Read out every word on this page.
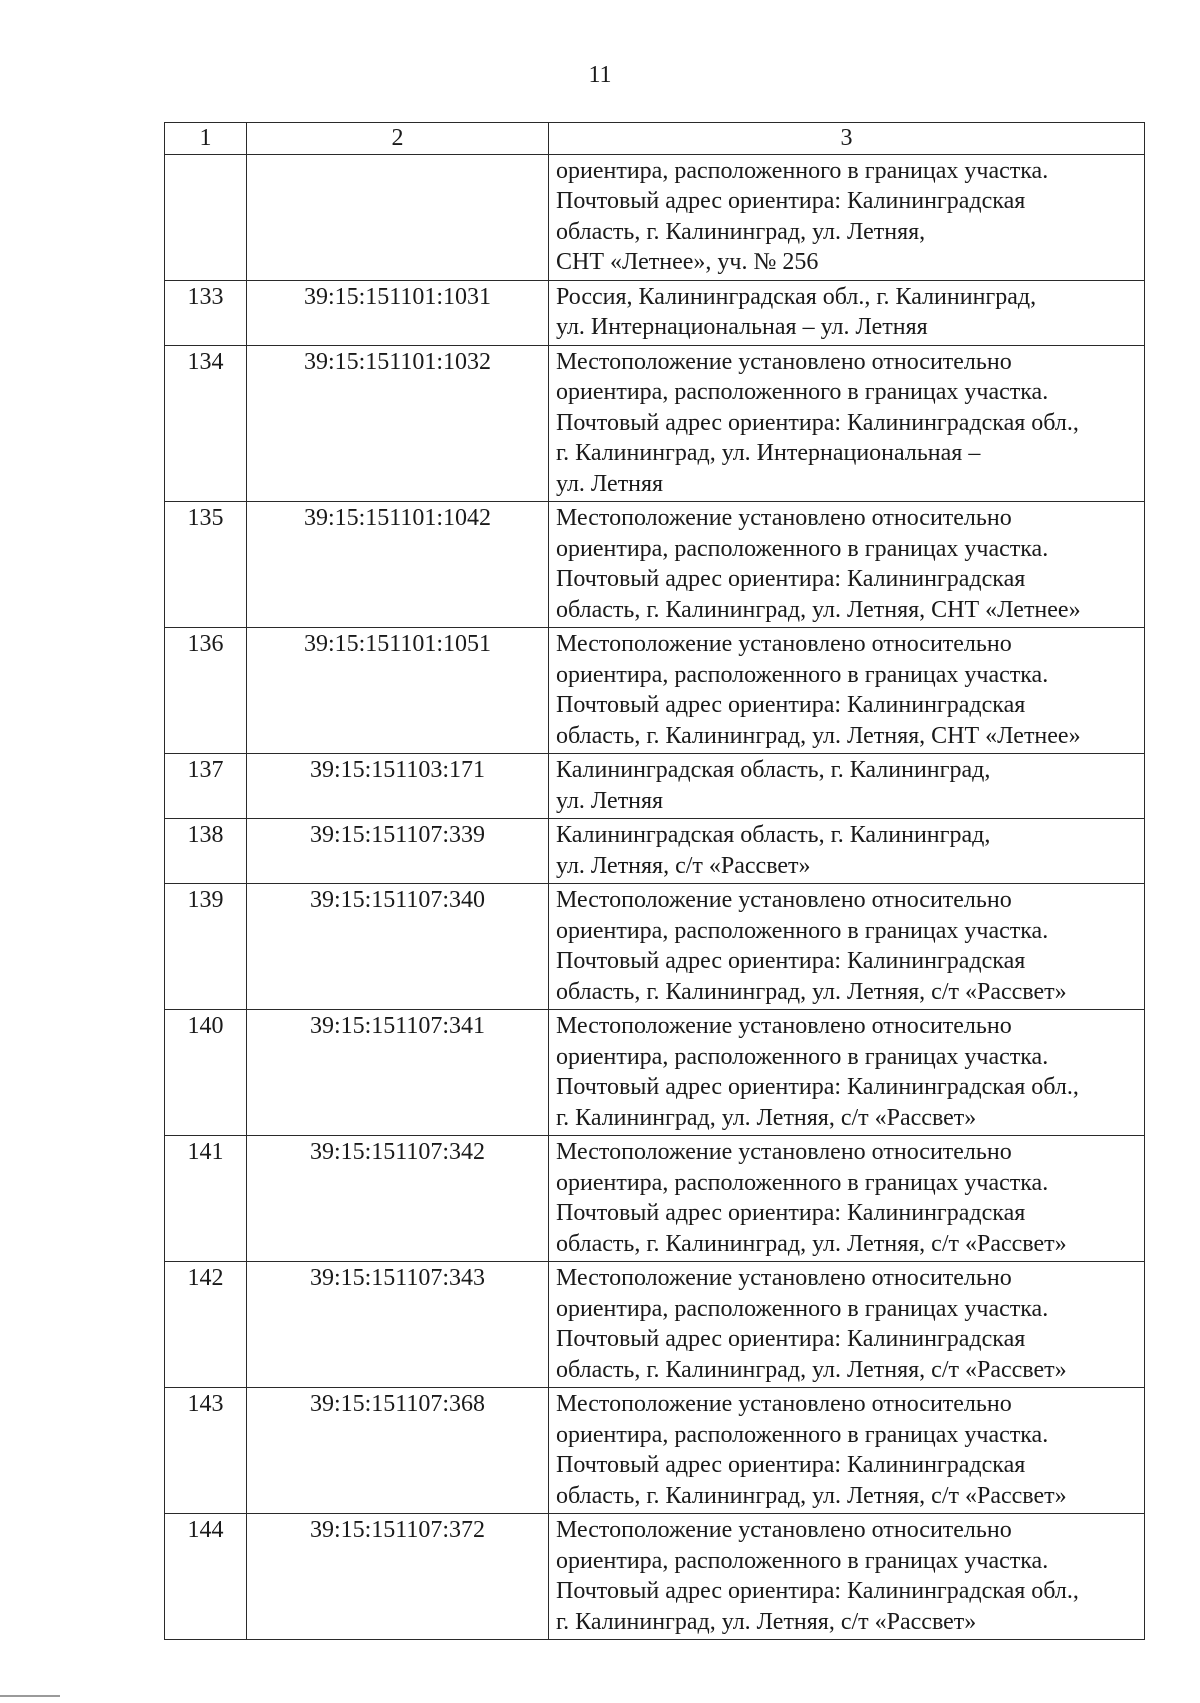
11
1	2	3
		ориентира, расположенного в границах участка.
Почтовый адрес ориентира: Калининградская
область, г. Калининград, ул. Летняя,
СНТ «Летнее», уч. № 256
133	39:15:151101:1031	Россия, Калининградская обл., г. Калининград,
ул. Интернациональная – ул. Летняя
134	39:15:151101:1032	Местоположение установлено относительно
ориентира, расположенного в границах участка.
Почтовый адрес ориентира: Калининградская обл.,
г. Калининград, ул. Интернациональная –
ул. Летняя
135	39:15:151101:1042	Местоположение установлено относительно
ориентира, расположенного в границах участка.
Почтовый адрес ориентира: Калининградская
область, г. Калининград, ул. Летняя, СНТ «Летнее»
136	39:15:151101:1051	Местоположение установлено относительно
ориентира, расположенного в границах участка.
Почтовый адрес ориентира: Калининградская
область, г. Калининград, ул. Летняя, СНТ «Летнее»
137	39:15:151103:171	Калининградская область, г. Калининград,
ул. Летняя
138	39:15:151107:339	Калининградская область, г. Калининград,
ул. Летняя, с/т «Рассвет»
139	39:15:151107:340	Местоположение установлено относительно
ориентира, расположенного в границах участка.
Почтовый адрес ориентира: Калининградская
область, г. Калининград, ул. Летняя, с/т «Рассвет»
140	39:15:151107:341	Местоположение установлено относительно
ориентира, расположенного в границах участка.
Почтовый адрес ориентира: Калининградская обл.,
г. Калининград, ул. Летняя, с/т «Рассвет»
141	39:15:151107:342	Местоположение установлено относительно
ориентира, расположенного в границах участка.
Почтовый адрес ориентира: Калининградская
область, г. Калининград, ул. Летняя, с/т «Рассвет»
142	39:15:151107:343	Местоположение установлено относительно
ориентира, расположенного в границах участка.
Почтовый адрес ориентира: Калининградская
область, г. Калининград, ул. Летняя, с/т «Рассвет»
143	39:15:151107:368	Местоположение установлено относительно
ориентира, расположенного в границах участка.
Почтовый адрес ориентира: Калининградская
область, г. Калининград, ул. Летняя, с/т «Рассвет»
144	39:15:151107:372	Местоположение установлено относительно
ориентира, расположенного в границах участка.
Почтовый адрес ориентира: Калининградская обл.,
г. Калининград, ул. Летняя, с/т «Рассвет»
